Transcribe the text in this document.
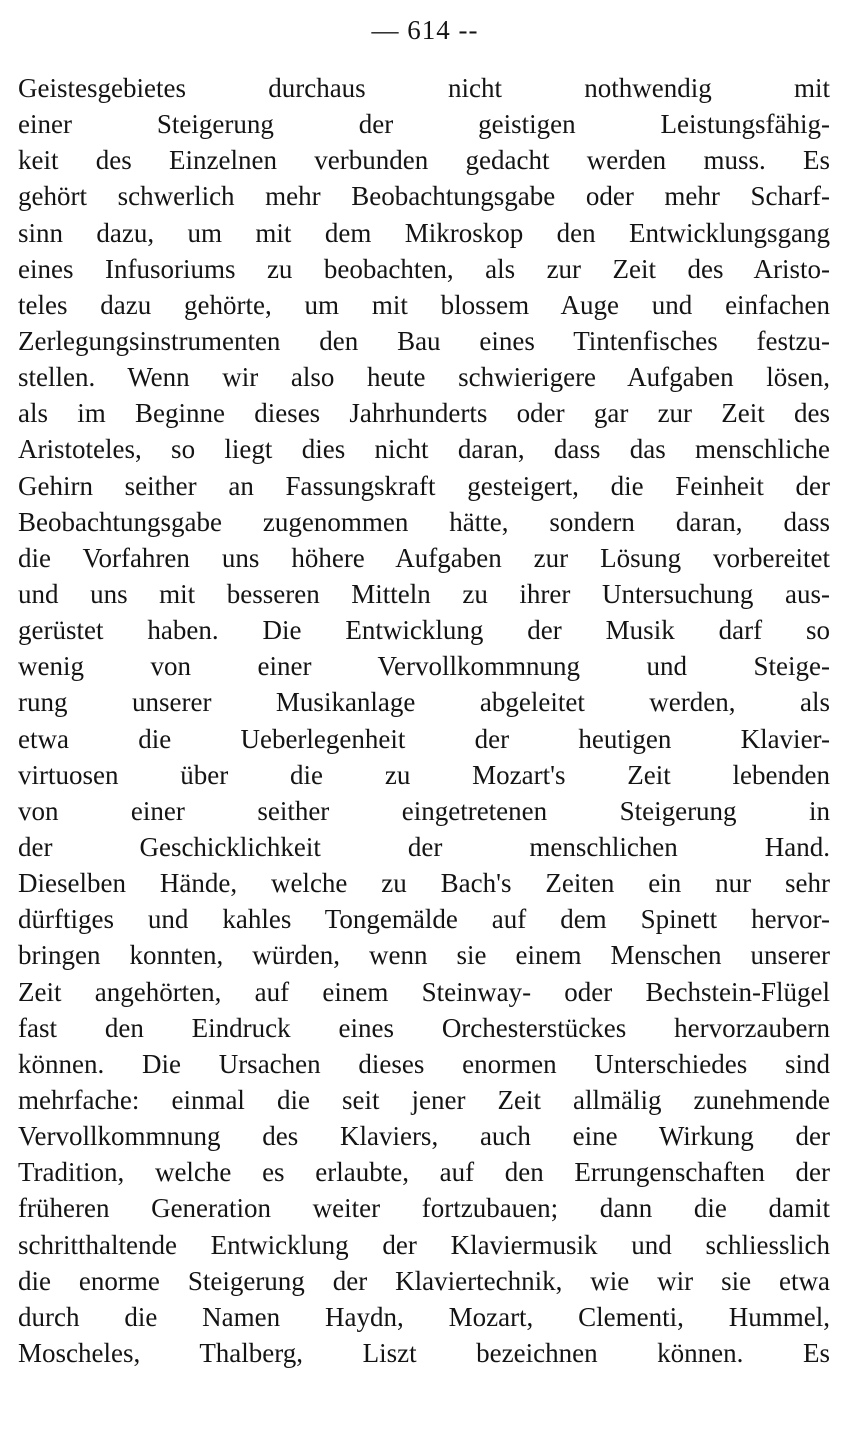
— 614 --
Geistesgebietes durchaus nicht nothwendig mit
einer Steigerung der geistigen Leistungsfähig-
keit des Einzelnen verbunden gedacht werden muss. Es
gehört schwerlich mehr Beobachtungsgabe oder mehr Scharf-
sinn dazu, um mit dem Mikroskop den Entwicklungsgang
eines Infusoriums zu beobachten, als zur Zeit des Aristo-
teles dazu gehörte, um mit blossem Auge und einfachen
Zerlegungsinstrumenten den Bau eines Tintenfisches festzu-
stellen. Wenn wir also heute schwierigere Aufgaben lösen,
als im Beginne dieses Jahrhunderts oder gar zur Zeit des
Aristoteles, so liegt dies nicht daran, dass das menschliche
Gehirn seither an Fassungskraft gesteigert, die Feinheit der
Beobachtungsgabe zugenommen hätte, sondern daran, dass
die Vorfahren uns höhere Aufgaben zur Lösung vorbereitet
und uns mit besseren Mitteln zu ihrer Untersuchung aus-
gerüstet haben. Die Entwicklung der Musik darf so
wenig von einer Vervollkommnung und Steige-
rung unserer Musikanlage abgeleitet werden, als
etwa die Ueberlegenheit der heutigen Klavier-
virtuosen über die zu Mozart's Zeit lebenden
von einer seither eingetretenen Steigerung in
der Geschicklichkeit der menschlichen Hand.
Dieselben Hände, welche zu Bach's Zeiten ein nur sehr
dürftiges und kahles Tongemälde auf dem Spinett hervor-
bringen konnten, würden, wenn sie einem Menschen unserer
Zeit angehörten, auf einem Steinway- oder Bechstein-Flügel
fast den Eindruck eines Orchesterstückes hervorzaubern
können. Die Ursachen dieses enormen Unterschiedes sind
mehrfache: einmal die seit jener Zeit allmälig zunehmende
Vervollkommnung des Klaviers, auch eine Wirkung der
Tradition, welche es erlaubte, auf den Errungenschaften der
früheren Generation weiter fortzubauen; dann die damit
schritthaltende Entwicklung der Klaviermusik und schliesslich
die enorme Steigerung der Klaviertechnik, wie wir sie etwa
durch die Namen Haydn, Mozart, Clementi, Hummel,
Moscheles, Thalberg, Liszt bezeichnen können. Es
